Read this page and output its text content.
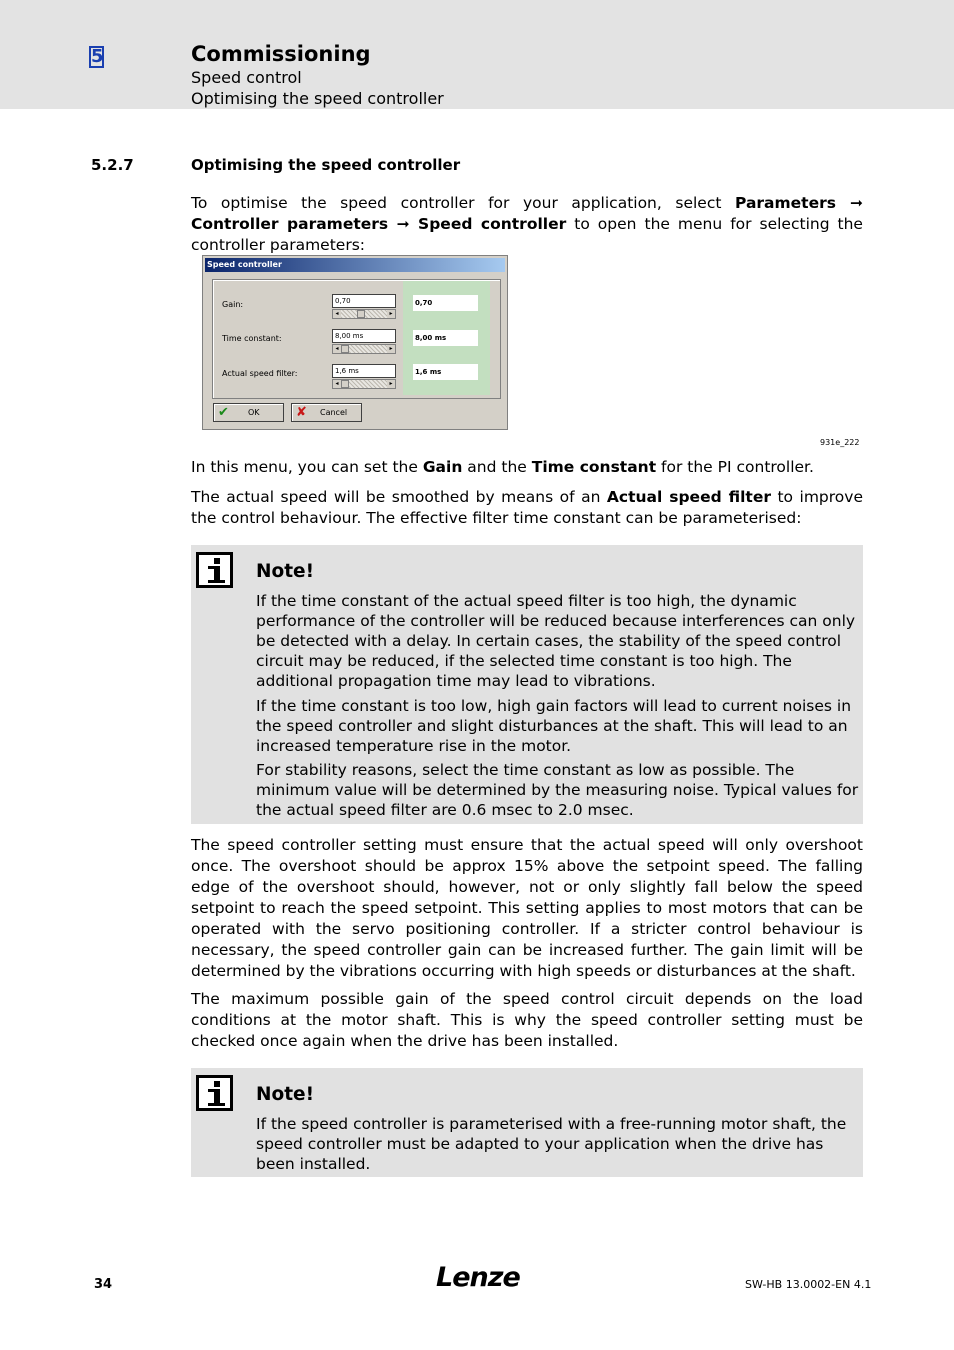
5	Commissioning
Speed control
Optimising the speed controller
5.2.7	Optimising the speed controller
To optimise the speed controller for your application, select Parameters ➞ Controller parameters ➞ Speed controller to open the menu for selecting the controller parameters:
Speed controller
Gain:	0,70
◂	▸
0,70
Time constant:	8,00 ms
◂	▸
8,00 ms
Actual speed filter:	1,6 ms
◂	▸
1,6 ms
✔ OK	✘ Cancel
931e_222
In this menu, you can set the Gain and the Time constant for the PI controller.
The actual speed will be smoothed by means of an Actual speed filter to improve the control behaviour. The effective filter time constant can be parameterised:
Note!
If the time constant of the actual speed filter is too high, the dynamic performance of the controller will be reduced because interferences can only be detected with a delay. In certain cases, the stability of the speed control circuit may be reduced, if the selected time constant is too high. The additional propagation time may lead to vibrations.
If the time constant is too low, high gain factors will lead to current noises in the speed controller and slight disturbances at the shaft. This will lead to an increased temperature rise in the motor.
For stability reasons, select the time constant as low as possible. The minimum value will be determined by the measuring noise. Typical values for the actual speed filter are 0.6 msec to 2.0 msec.
The speed controller setting must ensure that the actual speed will only overshoot once. The overshoot should be approx 15% above the setpoint speed. The falling edge of the overshoot should, however, not or only slightly fall below the speed setpoint to reach the speed setpoint. This setting applies to most motors that can be operated with the servo positioning controller. If a stricter control behaviour is necessary, the speed controller gain can be increased further. The gain limit will be determined by the vibrations occurring with high speeds or disturbances at the shaft.
The maximum possible gain of the speed control circuit depends on the load conditions at the motor shaft. This is why the speed controller setting must be checked once again when the drive has been installed.
Note!
If the speed controller is parameterised with a free-running motor shaft, the speed controller must be adapted to your application when the drive has been installed.
34	Lenze	SW-HB 13.0002-EN 4.1
